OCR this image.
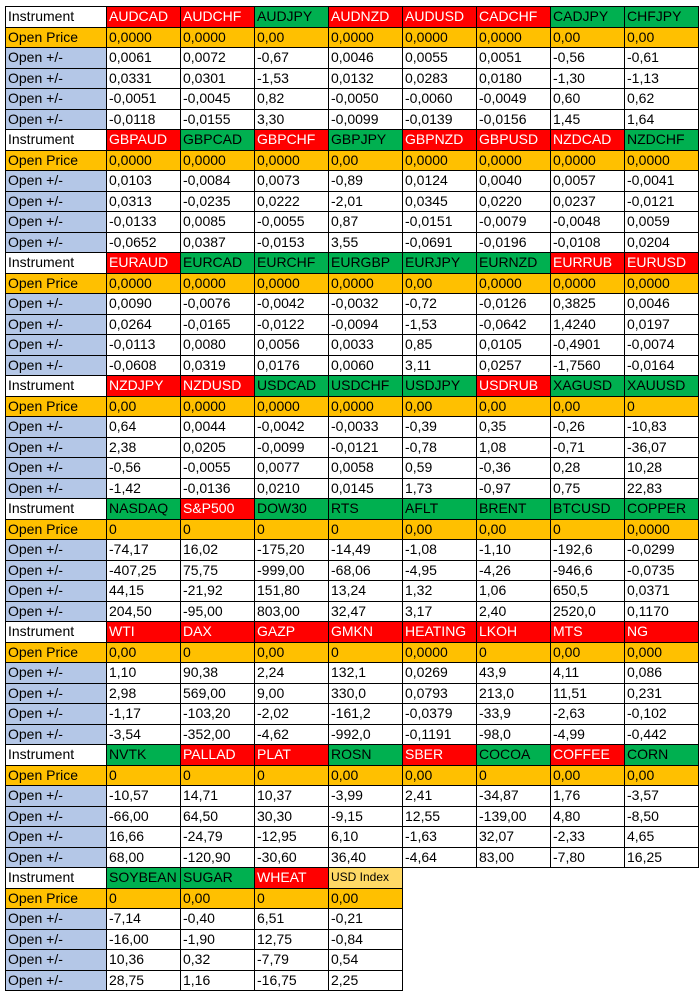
Instrument	AUDCAD	AUDCHF	AUDJPY	AUDNZD	AUDUSD	CADCHF	CADJPY	CHFJPY
Open Price	0,0000	0,0000	0,00	0,0000	0,0000	0,0000	0,00	0,00
Open +/-	0,0061	0,0072	-0,67	0,0046	0,0055	0,0051	-0,56	-0,61
Open +/-	0,0331	0,0301	-1,53	0,0132	0,0283	0,0180	-1,30	-1,13
Open +/-	-0,0051	-0,0045	0,82	-0,0050	-0,0060	-0,0049	0,60	0,62
Open +/-	-0,0118	-0,0155	3,30	-0,0099	-0,0139	-0,0156	1,45	1,64
Instrument	GBPAUD	GBPCAD	GBPCHF	GBPJPY	GBPNZD	GBPUSD	NZDCAD	NZDCHF
Open Price	0,0000	0,0000	0,0000	0,00	0,0000	0,0000	0,0000	0,0000
Open +/-	0,0103	-0,0084	0,0073	-0,89	0,0124	0,0040	0,0057	-0,0041
Open +/-	0,0313	-0,0235	0,0222	-2,01	0,0345	0,0220	0,0237	-0,0121
Open +/-	-0,0133	0,0085	-0,0055	0,87	-0,0151	-0,0079	-0,0048	0,0059
Open +/-	-0,0652	0,0387	-0,0153	3,55	-0,0691	-0,0196	-0,0108	0,0204
Instrument	EURAUD	EURCAD	EURCHF	EURGBP	EURJPY	EURNZD	EURRUB	EURUSD
Open Price	0,0000	0,0000	0,0000	0,0000	0,00	0,0000	0,0000	0,0000
Open +/-	0,0090	-0,0076	-0,0042	-0,0032	-0,72	-0,0126	0,3825	0,0046
Open +/-	0,0264	-0,0165	-0,0122	-0,0094	-1,53	-0,0642	1,4240	0,0197
Open +/-	-0,0113	0,0080	0,0056	0,0033	0,85	0,0105	-0,4901	-0,0074
Open +/-	-0,0608	0,0319	0,0176	0,0060	3,11	0,0257	-1,7560	-0,0164
Instrument	NZDJPY	NZDUSD	USDCAD	USDCHF	USDJPY	USDRUB	XAGUSD	XAUUSD
Open Price	0,00	0,0000	0,0000	0,0000	0,00	0,00	0,00	0
Open +/-	0,64	0,0044	-0,0042	-0,0033	-0,39	0,35	-0,26	-10,83
Open +/-	2,38	0,0205	-0,0099	-0,0121	-0,78	1,08	-0,71	-36,07
Open +/-	-0,56	-0,0055	0,0077	0,0058	0,59	-0,36	0,28	10,28
Open +/-	-1,42	-0,0136	0,0210	0,0145	1,73	-0,97	0,75	22,83
Instrument	NASDAQ	S&P500	DOW30	RTS	AFLT	BRENT	BTCUSD	COPPER
Open Price	0	0	0	0	0,00	0,00	0	0,0000
Open +/-	-74,17	16,02	-175,20	-14,49	-1,08	-1,10	-192,6	-0,0299
Open +/-	-407,25	75,75	-999,00	-68,06	-4,95	-4,26	-946,6	-0,0735
Open +/-	44,15	-21,92	151,80	13,24	1,32	1,06	650,5	0,0371
Open +/-	204,50	-95,00	803,00	32,47	3,17	2,40	2520,0	0,1170
Instrument	WTI	DAX	GAZP	GMKN	HEATING	LKOH	MTS	NG
Open Price	0,00	0	0,00	0	0,0000	0	0,00	0,000
Open +/-	1,10	90,38	2,24	132,1	0,0269	43,9	4,11	0,086
Open +/-	2,98	569,00	9,00	330,0	0,0793	213,0	11,51	0,231
Open +/-	-1,17	-103,20	-2,02	-161,2	-0,0379	-33,9	-2,63	-0,102
Open +/-	-3,54	-352,00	-4,62	-992,0	-0,1191	-98,0	-4,99	-0,442
Instrument	NVTK	PALLAD	PLAT	ROSN	SBER	COCOA	COFFEE	CORN
Open Price	0	0	0	0,00	0,00	0	0,00	0,00
Open +/-	-10,57	14,71	10,37	-3,99	2,41	-34,87	1,76	-3,57
Open +/-	-66,00	64,50	30,30	-9,15	12,55	-139,00	4,80	-8,50
Open +/-	16,66	-24,79	-12,95	6,10	-1,63	32,07	-2,33	4,65
Open +/-	68,00	-120,90	-30,60	36,40	-4,64	83,00	-7,80	16,25
Instrument	SOYBEAN	SUGAR	WHEAT	USD Index				
Open Price	0	0,00	0	0,00				
Open +/-	-7,14	-0,40	6,51	-0,21				
Open +/-	-16,00	-1,90	12,75	-0,84				
Open +/-	10,36	0,32	-7,79	0,54				
Open +/-	28,75	1,16	-16,75	2,25				
